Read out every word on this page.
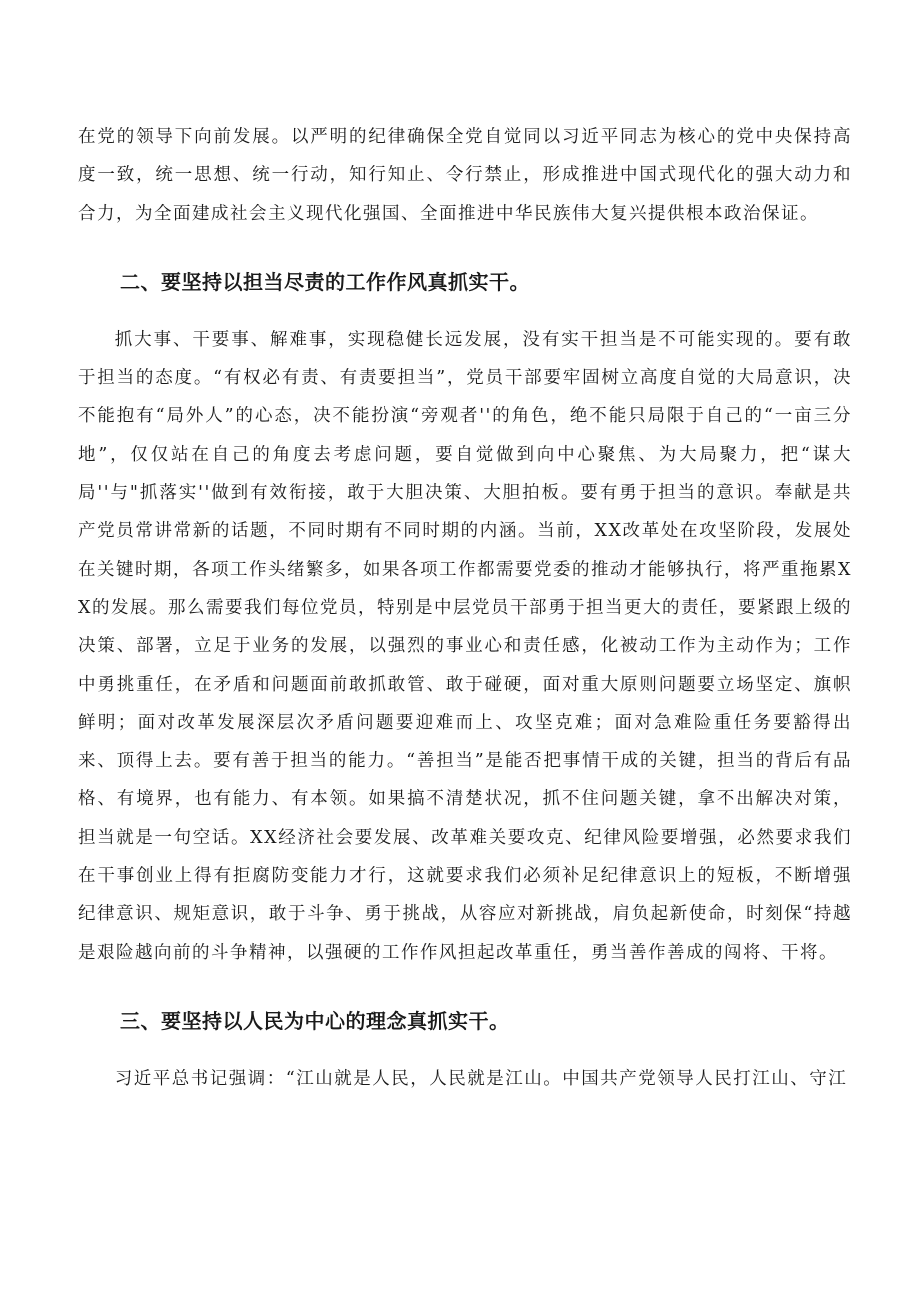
在党的领导下向前发展。以严明的纪律确保全党自觉同以习近平同志为核心的党中央保持高度一致，统一思想、统一行动，知行知止、令行禁止，形成推进中国式现代化的强大动力和合力，为全面建成社会主义现代化强国、全面推进中华民族伟大复兴提供根本政治保证。

二、要坚持以担当尽责的工作作风真抓实干。

抓大事、干要事、解难事，实现稳健长远发展，没有实干担当是不可能实现的。要有敢于担当的态度。“有权必有责、有责要担当”，党员干部要牢固树立高度自觉的大局意识，决不能抱有“局外人”的心态，决不能扮演“旁观者''的角色，绝不能只局限于自己的“一亩三分地”，仅仅站在自己的角度去考虑问题，要自觉做到向中心聚焦、为大局聚力，把“谋大局''与"抓落实''做到有效衔接，敢于大胆决策、大胆拍板。要有勇于担当的意识。奉献是共产党员常讲常新的话题，不同时期有不同时期的内涵。当前，XX改革处在攻坚阶段，发展处在关键时期，各项工作头绪繁多，如果各项工作都需要党委的推动才能够执行，将严重拖累XX的发展。那么需要我们每位党员，特别是中层党员干部勇于担当更大的责任，要紧跟上级的决策、部署，立足于业务的发展，以强烈的事业心和责任感，化被动工作为主动作为；工作中勇挑重任，在矛盾和问题面前敢抓敢管、敢于碰硬，面对重大原则问题要立场坚定、旗帜鲜明；面对改革发展深层次矛盾问题要迎难而上、攻坚克难；面对急难险重任务要豁得出来、顶得上去。要有善于担当的能力。“善担当”是能否把事情干成的关键，担当的背后有品格、有境界，也有能力、有本领。如果搞不清楚状况，抓不住问题关键，拿不出解决对策，担当就是一句空话。XX经济社会要发展、改革难关要攻克、纪律风险要增强，必然要求我们在干事创业上得有拒腐防变能力才行，这就要求我们必须补足纪律意识上的短板，不断增强纪律意识、规矩意识，敢于斗争、勇于挑战，从容应对新挑战，肩负起新使命，时刻保“持越是艰险越向前的斗争精神，以强硬的工作作风担起改革重任，勇当善作善成的闯将、干将。

三、要坚持以人民为中心的理念真抓实干。

习近平总书记强调：“江山就是人民，人民就是江山。中国共产党领导人民打江山、守江
